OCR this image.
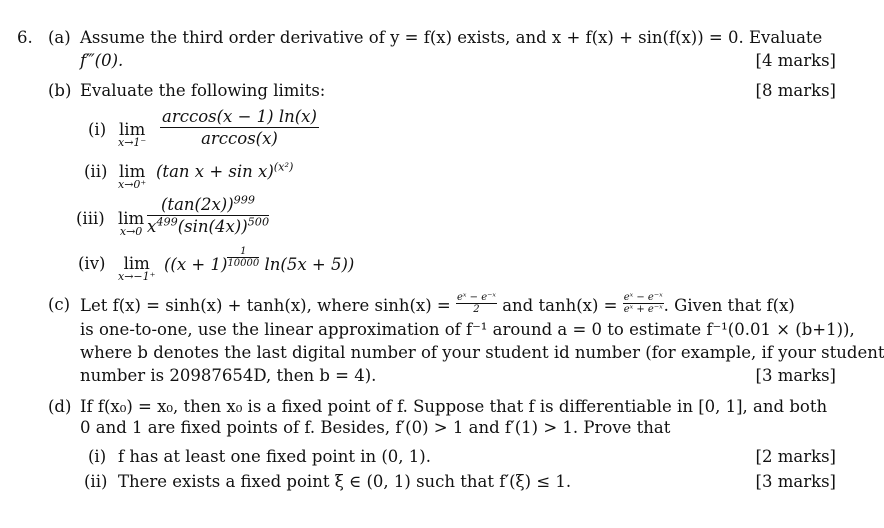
6. (a) Assume the third order derivative of y = f(x) exists, and x + f(x) + sin(f(x)) = 0. Evaluate
f‴(0).	[4 marks]
(b) Evaluate the following limits:	[8 marks]
(i) lim
$x\to 1^- \frac{\arccos(x - 1) \ln(x)}{\arccos(x)}$
(ii) lim
x→0⁺
(tan x + sin x)$^{(x^2)}$
(iii) lim
$x\to 0 \frac{(\tan(2x))^{999}}{x^{499}(\sin(4x))^{500}}$
(iv)	lim
x→−1⁺
$((x + 1) \frac{1}{10000} \ln(5x + 5))$
(c) Let f(x) = sinh(x) + tanh(x), where $\sinh(x) = \frac{\text{eˣ − e⁻ˣ}}{2}$ and $\tanh(x) = \frac{\text{eˣ − e⁻ˣ}}{\text{eˣ + e⁻ˣ}}$ . Given that f(x)
is one-to-one, use the linear approximation of f⁻¹ around a = 0 to estimate f⁻¹(0.01 × (b+1)),
where b denotes the last digital number of your student id number (for example, if your student
number is 20987654D, then b = 4).	[3 marks]
(d) If f(x₀) = x₀, then x₀ is a fixed point of f. Suppose that f is differentiable in [0, 1], and both
0 and 1 are fixed points of f. Besides, f′(0) > 1 and f′(1) > 1. Prove that
(i) f has at least one fixed point in (0, 1).	[2 marks]
(ii) There exists a fixed point ξ ∈ (0, 1) such that f′(ξ) ≤ 1.	[3 marks]
